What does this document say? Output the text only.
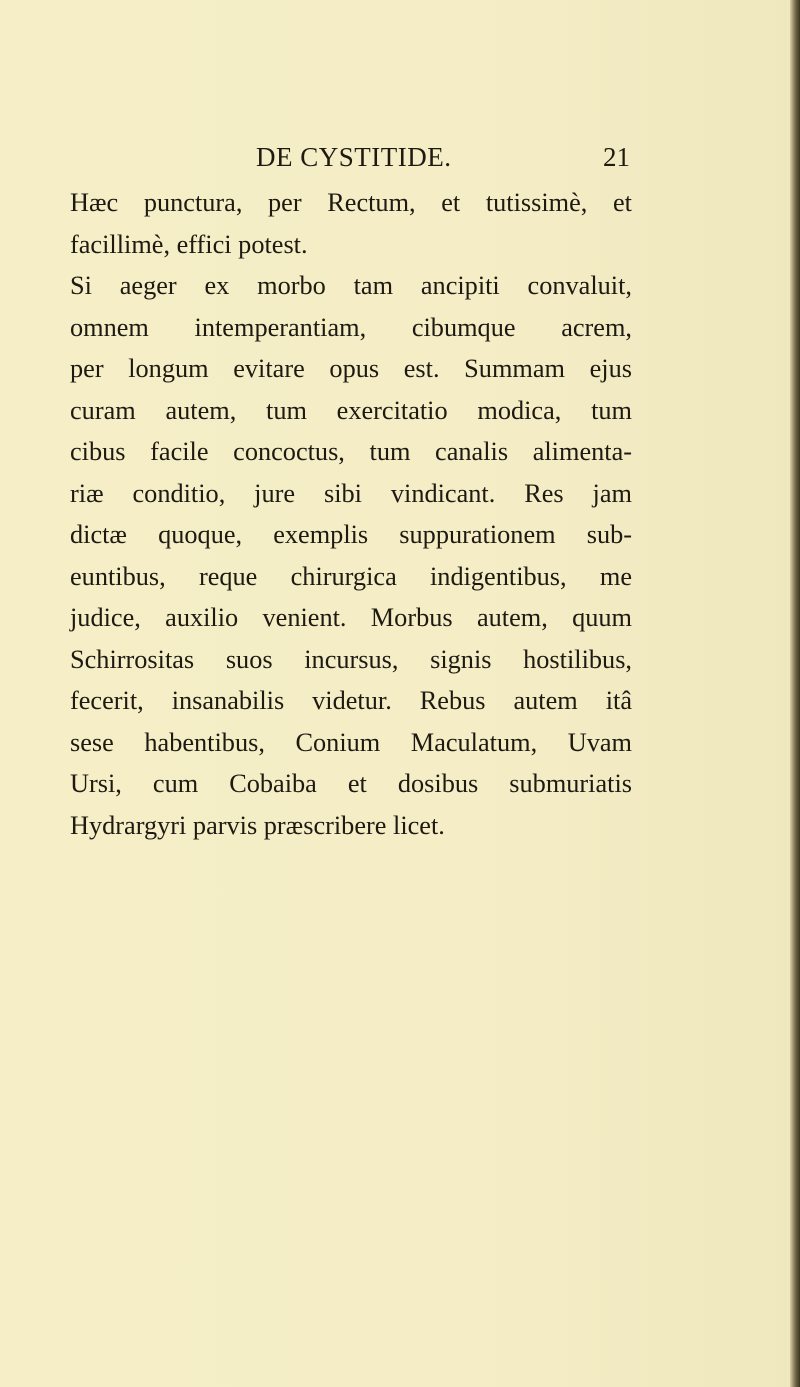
DE CYSTITIDE.	21
Hæc punctura, per Rectum, et tutissimè, et
facillimè, effici potest.
Si aeger ex morbo tam ancipiti convaluit,
omnem intemperantiam, cibumque acrem,
per longum evitare opus est. Summam ejus
curam autem, tum exercitatio modica, tum
cibus facile concoctus, tum canalis alimenta-
riæ conditio, jure sibi vindicant. Res jam
dictæ quoque, exemplis suppurationem sub-
euntibus, reque chirurgica indigentibus, me
judice, auxilio venient. Morbus autem, quum
Schirrositas suos incursus, signis hostilibus,
fecerit, insanabilis videtur. Rebus autem itâ
sese habentibus, Conium Maculatum, Uvam
Ursi, cum Cobaiba et dosibus submuriatis
Hydrargyri parvis præscribere licet.
